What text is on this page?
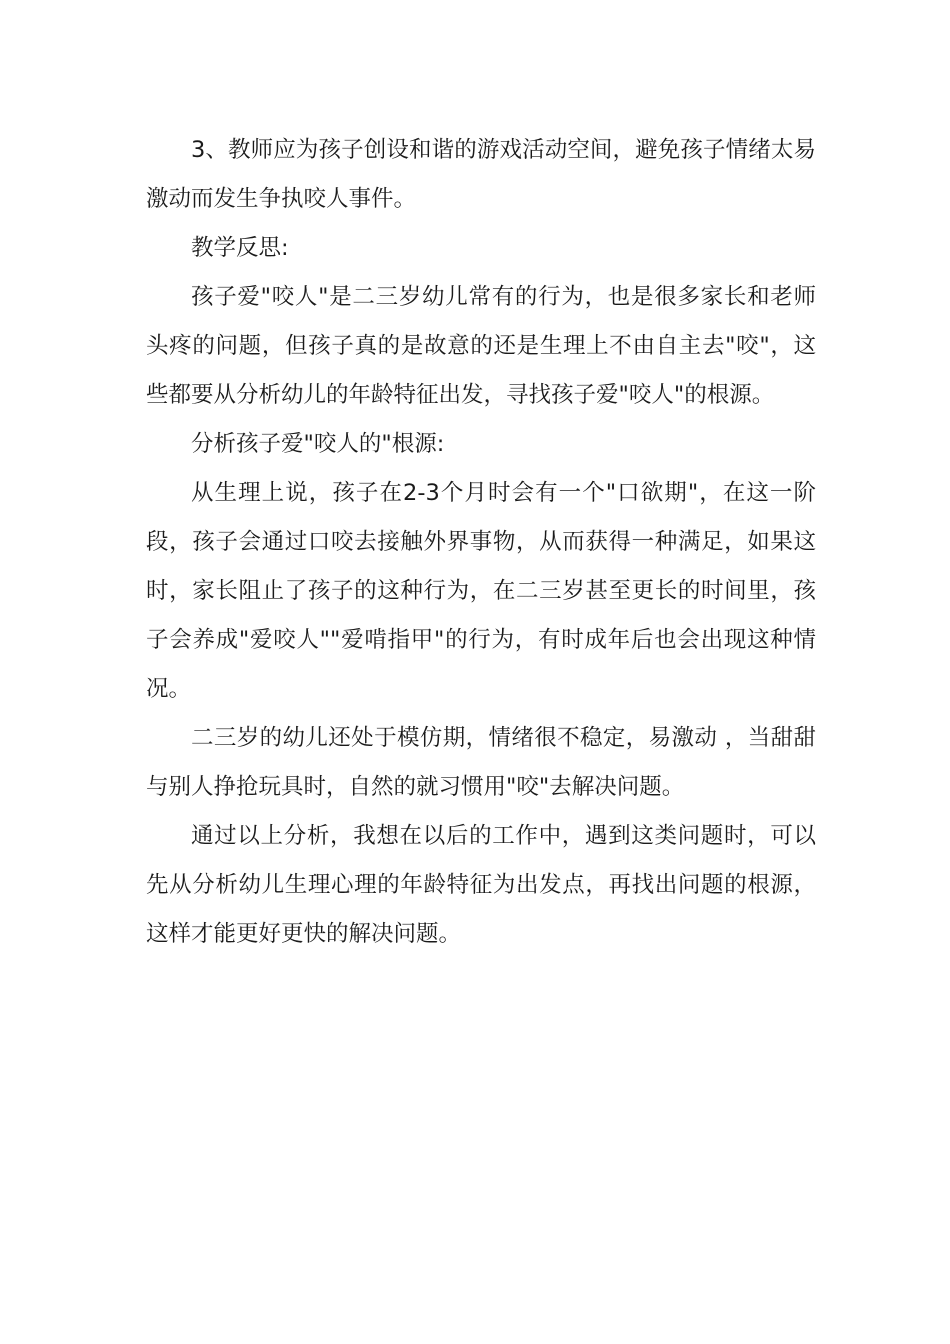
3、教师应为孩子创设和谐的游戏活动空间，避免孩子情绪太易激动而发生争执咬人事件。

教学反思:

孩子爱"咬人"是二三岁幼儿常有的行为，也是很多家长和老师头疼的问题，但孩子真的是故意的还是生理上不由自主去"咬"，这些都要从分析幼儿的年龄特征出发，寻找孩子爱"咬人"的根源。

分析孩子爱"咬人的"根源:

从生理上说，孩子在2-3个月时会有一个"口欲期"，在这一阶段，孩子会通过口咬去接触外界事物，从而获得一种满足，如果这时，家长阻止了孩子的这种行为，在二三岁甚至更长的时间里，孩子会养成"爱咬人""爱啃指甲"的行为，有时成年后也会出现这种情况。

二三岁的幼儿还处于模仿期，情绪很不稳定，易激动 ，当甜甜与别人挣抢玩具时，自然的就习惯用"咬"去解决问题。

通过以上分析，我想在以后的工作中，遇到这类问题时，可以先从分析幼儿生理心理的年龄特征为出发点，再找出问题的根源，这样才能更好更快的解决问题。
